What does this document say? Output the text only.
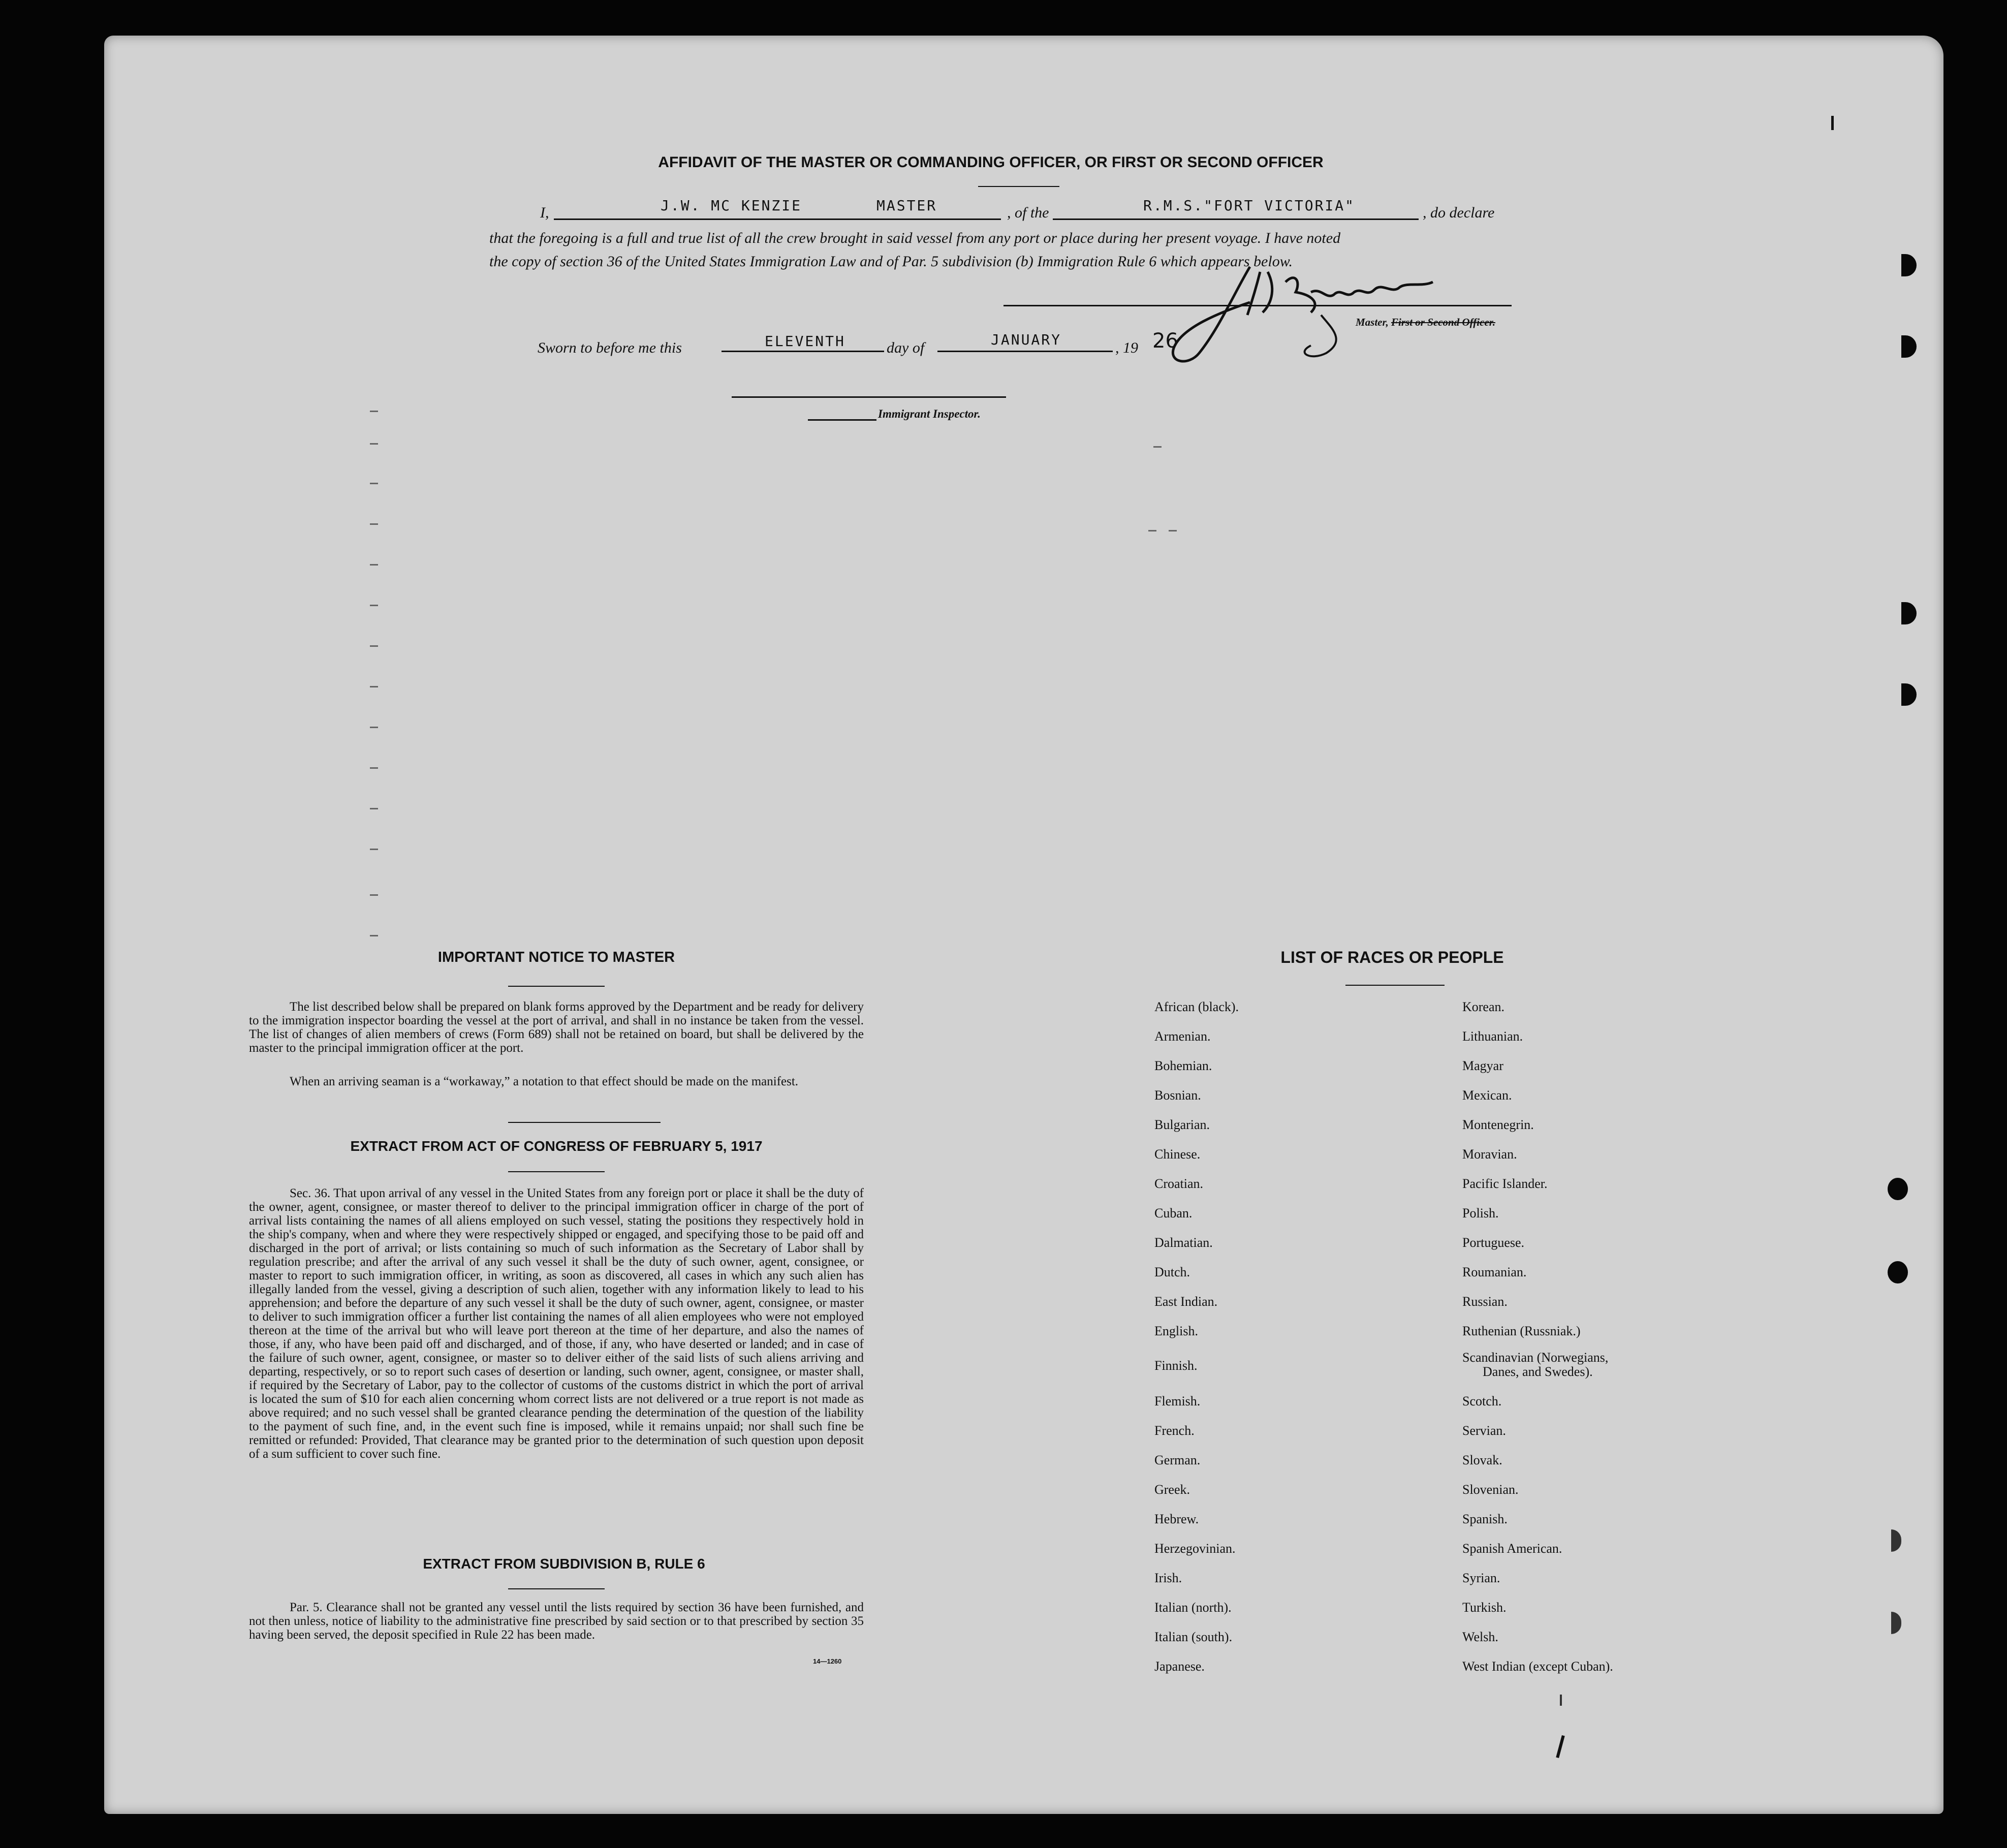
AFFIDAVIT OF THE MASTER OR COMMANDING OFFICER, OR FIRST OR SECOND OFFICER
I,	J.W. MC KENZIE	MASTER	, of the	R.M.S."FORT VICTORIA"	, do declare
that the foregoing is a full and true list of all the crew brought in said vessel from any port or place during her present voyage. I have noted
the copy of section 36 of the United States Immigration Law and of Par. 5 subdivision (b) Immigration Rule 6 which appears below.
Master, First or Second Officer.
Sworn to before me this	ELEVENTH	day of	JANUARY	, 19 26
Immigrant Inspector.
IMPORTANT NOTICE TO MASTER
The list described below shall be prepared on blank forms approved by the Department and be ready for delivery to the immigration inspector boarding the vessel at the port of arrival, and shall in no instance be taken from the vessel. The list of changes of alien members of crews (Form 689) shall not be retained on board, but shall be delivered by the master to the principal immigration officer at the port.
When an arriving seaman is a “workaway,” a notation to that effect should be made on the manifest.
EXTRACT FROM ACT OF CONGRESS OF FEBRUARY 5, 1917
Sec. 36. That upon arrival of any vessel in the United States from any foreign port or place it shall be the duty of the owner, agent, consignee, or master thereof to deliver to the principal immigration officer in charge of the port of arrival lists containing the names of all aliens employed on such vessel, stating the positions they respectively hold in the ship's company, when and where they were respectively shipped or engaged, and specifying those to be paid off and discharged in the port of arrival; or lists containing so much of such information as the Secretary of Labor shall by regulation prescribe; and after the arrival of any such vessel it shall be the duty of such owner, agent, consignee, or master to report to such immigration officer, in writing, as soon as discovered, all cases in which any such alien has illegally landed from the vessel, giving a description of such alien, together with any information likely to lead to his apprehension; and before the departure of any such vessel it shall be the duty of such owner, agent, consignee, or master to deliver to such immigration officer a further list containing the names of all alien employees who were not employed thereon at the time of the arrival but who will leave port thereon at the time of her departure, and also the names of those, if any, who have been paid off and discharged, and of those, if any, who have deserted or landed; and in case of the failure of such owner, agent, consignee, or master so to deliver either of the said lists of such aliens arriving and departing, respectively, or so to report such cases of desertion or landing, such owner, agent, consignee, or master shall, if required by the Secretary of Labor, pay to the collector of customs of the customs district in which the port of arrival is located the sum of $10 for each alien concerning whom correct lists are not delivered or a true report is not made as above required; and no such vessel shall be granted clearance pending the determination of the question of the liability to the payment of such fine, and, in the event such fine is imposed, while it remains unpaid; nor shall such fine be remitted or refunded: Provided, That clearance may be granted prior to the determination of such question upon deposit of a sum sufficient to cover such fine.
EXTRACT FROM SUBDIVISION B, RULE 6
Par. 5. Clearance shall not be granted any vessel until the lists required by section 36 have been furnished, and not then unless, notice of liability to the administrative fine prescribed by said section or to that prescribed by section 35 having been served, the deposit specified in Rule 22 has been made.
14—1260
LIST OF RACES OR PEOPLE
African (black).
Armenian.
Bohemian.
Bosnian.
Bulgarian.
Chinese.
Croatian.
Cuban.
Dalmatian.
Dutch.
East Indian.
English.
Finnish.
Flemish.
French.
German.
Greek.
Hebrew.
Herzegovinian.
Irish.
Italian (north).
Italian (south).
Japanese.
Korean.
Lithuanian.
Magyar
Mexican.
Montenegrin.
Moravian.
Pacific Islander.
Polish.
Portuguese.
Roumanian.
Russian.
Ruthenian (Russniak.)
Scandinavian (Norwegians,
Danes, and Swedes).
Scotch.
Servian.
Slovak.
Slovenian.
Spanish.
Spanish American.
Syrian.
Turkish.
Welsh.
West Indian (except Cuban).
